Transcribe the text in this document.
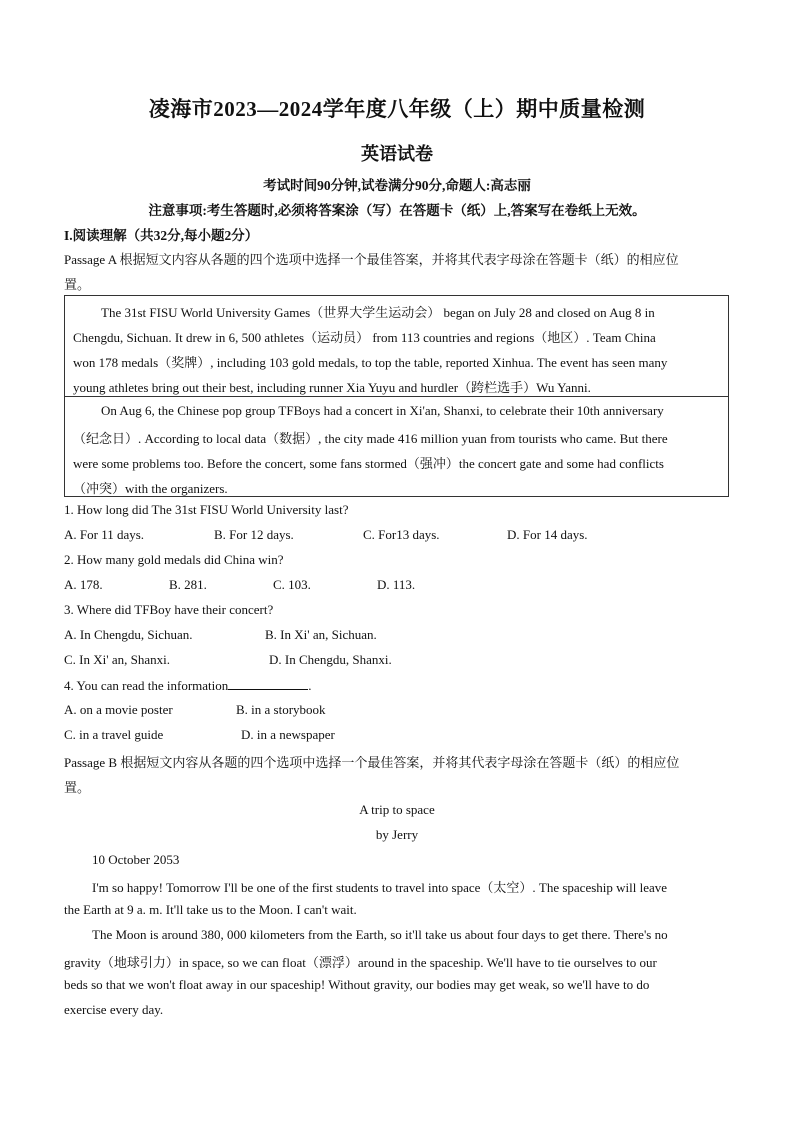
凌海市2023—2024学年度八年级（上）期中质量检测
英语试卷
考试时间90分钟,试卷满分90分,命题人:高志丽
注意事项:考生答题时,必须将答案涂（写）在答题卡（纸）上,答案写在卷纸上无效。
I.阅读理解（共32分,每小题2分）
Passage A 根据短文内容从各题的四个选项中选择一个最佳答案，并将其代表字母涂在答题卡（纸）的相应位
置。
The 31st FISU World University Games（世界大学生运动会） began on July 28 and closed on Aug 8 in
Chengdu, Sichuan. It drew in 6, 500 athletes（运动员） from 113 countries and regions（地区）. Team China
won 178 medals（奖牌）, including 103 gold medals, to top the table, reported Xinhua. The event has seen many
young athletes bring out their best, including runner Xia Yuyu and hurdler（跨栏选手）Wu Yanni.
On Aug 6, the Chinese pop group TFBoys had a concert in Xi'an, Shanxi, to celebrate their 10th anniversary
（纪念日）. According to local data（数据）, the city made 416 million yuan from tourists who came. But there
were some problems too. Before the concert, some fans stormed（强冲）the concert gate and some had conflicts
（冲突）with the organizers.
1. How long did The 31st FISU World University last?
A. For 11 days.	B. For 12 days.	C. For13 days.	D. For 14 days.
2. How many gold medals did China win?
A. 178.	B. 281.	C. 103.	D. 113.
3. Where did TFBoy have their concert?
A. In Chengdu, Sichuan.	B. In Xi' an, Sichuan.
C. In Xi' an, Shanxi.	D. In Chengdu, Shanxi.
4. You can read the information	.
A. on a movie poster	B. in a storybook
C. in a travel guide	D. in a newspaper
Passage B 根据短文内容从各题的四个选项中选择一个最佳答案，并将其代表字母涂在答题卡（纸）的相应位
置。
A trip to space
by Jerry
10 October 2053
I'm so happy! Tomorrow I'll be one of the first students to travel into space（太空）. The spaceship will leave
the Earth at 9 a. m. It'll take us to the Moon. I can't wait.
The Moon is around 380, 000 kilometers from the Earth, so it'll take us about four days to get there. There's no
gravity（地球引力）in space, so we can float（漂浮）around in the spaceship. We'll have to tie ourselves to our
beds so that we won't float away in our spaceship! Without gravity, our bodies may get weak, so we'll have to do
exercise every day.
